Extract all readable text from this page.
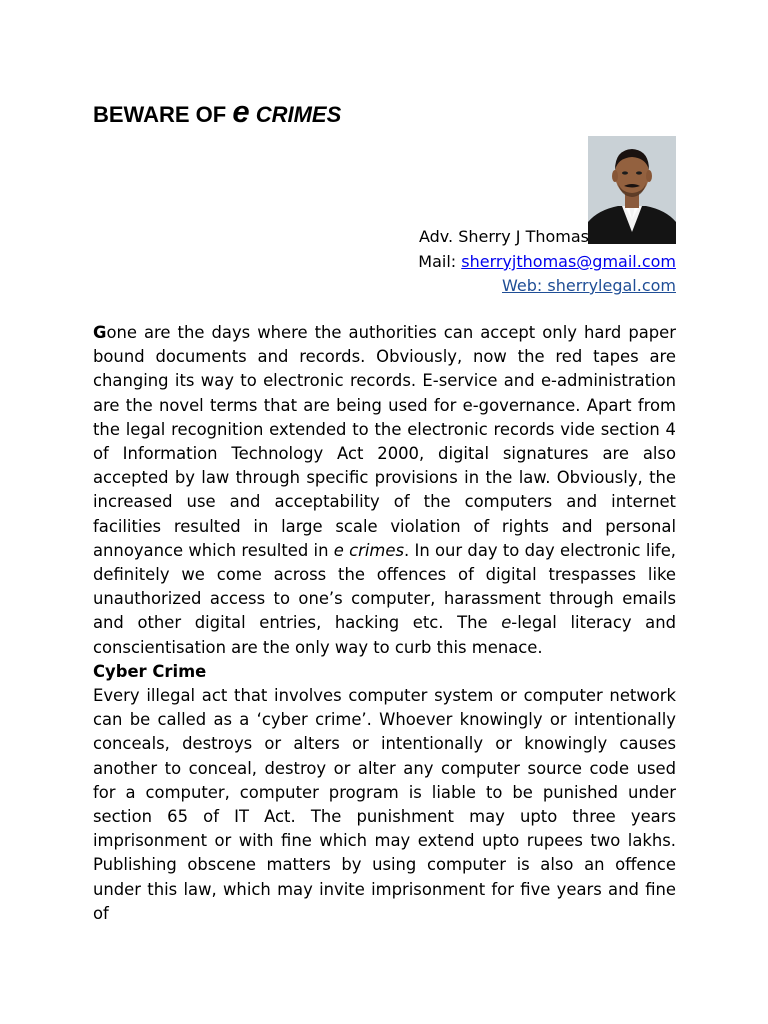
BEWARE OF e CRIMES
Adv. Sherry J Thomas
Mail: sherryjthomas@gmail.com
Web: sherrylegal.com

Gone are the days where the authorities can accept only hard paper bound documents and records. Obviously, now the red tapes are changing its way to electronic records. E-service and e-administration are the novel terms that are being used for e-governance. Apart from the legal recognition extended to the electronic records vide section 4 of Information Technology Act 2000, digital signatures are also accepted by law through specific provisions in the law. Obviously, the increased use and acceptability of the computers and internet facilities resulted in large scale violation of rights and personal annoyance which resulted in e crimes. In our day to day electronic life, definitely we come across the offences of digital trespasses like unauthorized access to one’s computer, harassment through emails and other digital entries, hacking etc. The e-legal literacy and conscientisation are the only way to curb this menace.

Cyber Crime

Every illegal act that involves computer system or computer network can be called as a ‘cyber crime’. Whoever knowingly or intentionally conceals, destroys or alters or intentionally or knowingly causes another to conceal, destroy or alter any computer source code used for a computer, computer program is liable to be punished under section 65 of IT Act. The punishment may upto three years imprisonment or with fine which may extend upto rupees two lakhs. Publishing obscene matters by using computer is also an offence under this law, which may invite imprisonment for five years and fine of
